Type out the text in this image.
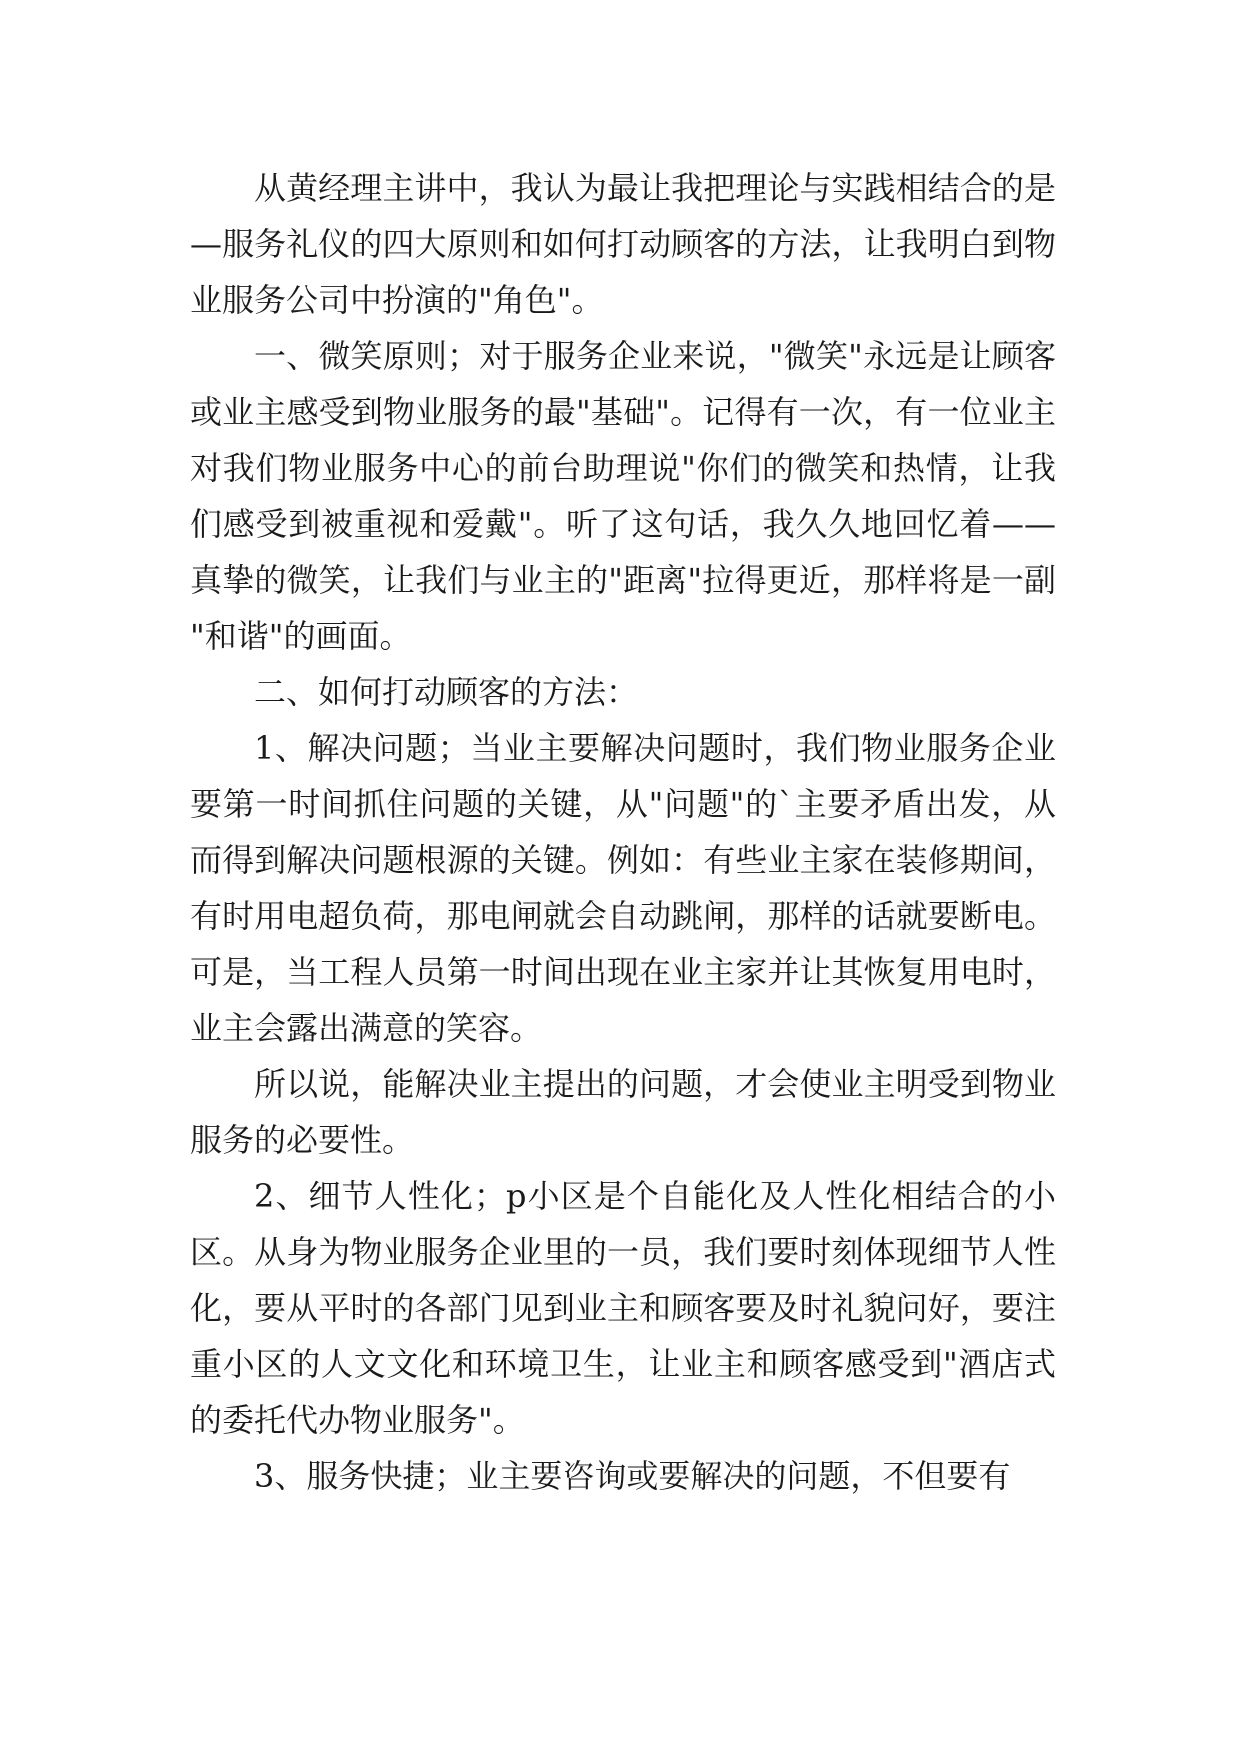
从黄经理主讲中，我认为最让我把理论与实践相结合的是—服务礼仪的四大原则和如何打动顾客的方法，让我明白到物业服务公司中扮演的"角色"。

一、微笑原则；对于服务企业来说，"微笑"永远是让顾客或业主感受到物业服务的最"基础"。记得有一次，有一位业主对我们物业服务中心的前台助理说"你们的微笑和热情，让我们感受到被重视和爱戴"。听了这句话，我久久地回忆着——真挚的微笑，让我们与业主的"距离"拉得更近，那样将是一副"和谐"的画面。

二、如何打动顾客的方法：

1、解决问题；当业主要解决问题时，我们物业服务企业要第一时间抓住问题的关键，从"问题"的`主要矛盾出发，从而得到解决问题根源的关键。例如：有些业主家在装修期间，有时用电超负荷，那电闸就会自动跳闸，那样的话就要断电。可是，当工程人员第一时间出现在业主家并让其恢复用电时，业主会露出满意的笑容。

所以说，能解决业主提出的问题，才会使业主明受到物业服务的必要性。

2、细节人性化；p小区是个自能化及人性化相结合的小区。从身为物业服务企业里的一员，我们要时刻体现细节人性化，要从平时的各部门见到业主和顾客要及时礼貌问好，要注重小区的人文文化和环境卫生，让业主和顾客感受到"酒店式的委托代办物业服务"。

3、服务快捷；业主要咨询或要解决的问题，不但要有
